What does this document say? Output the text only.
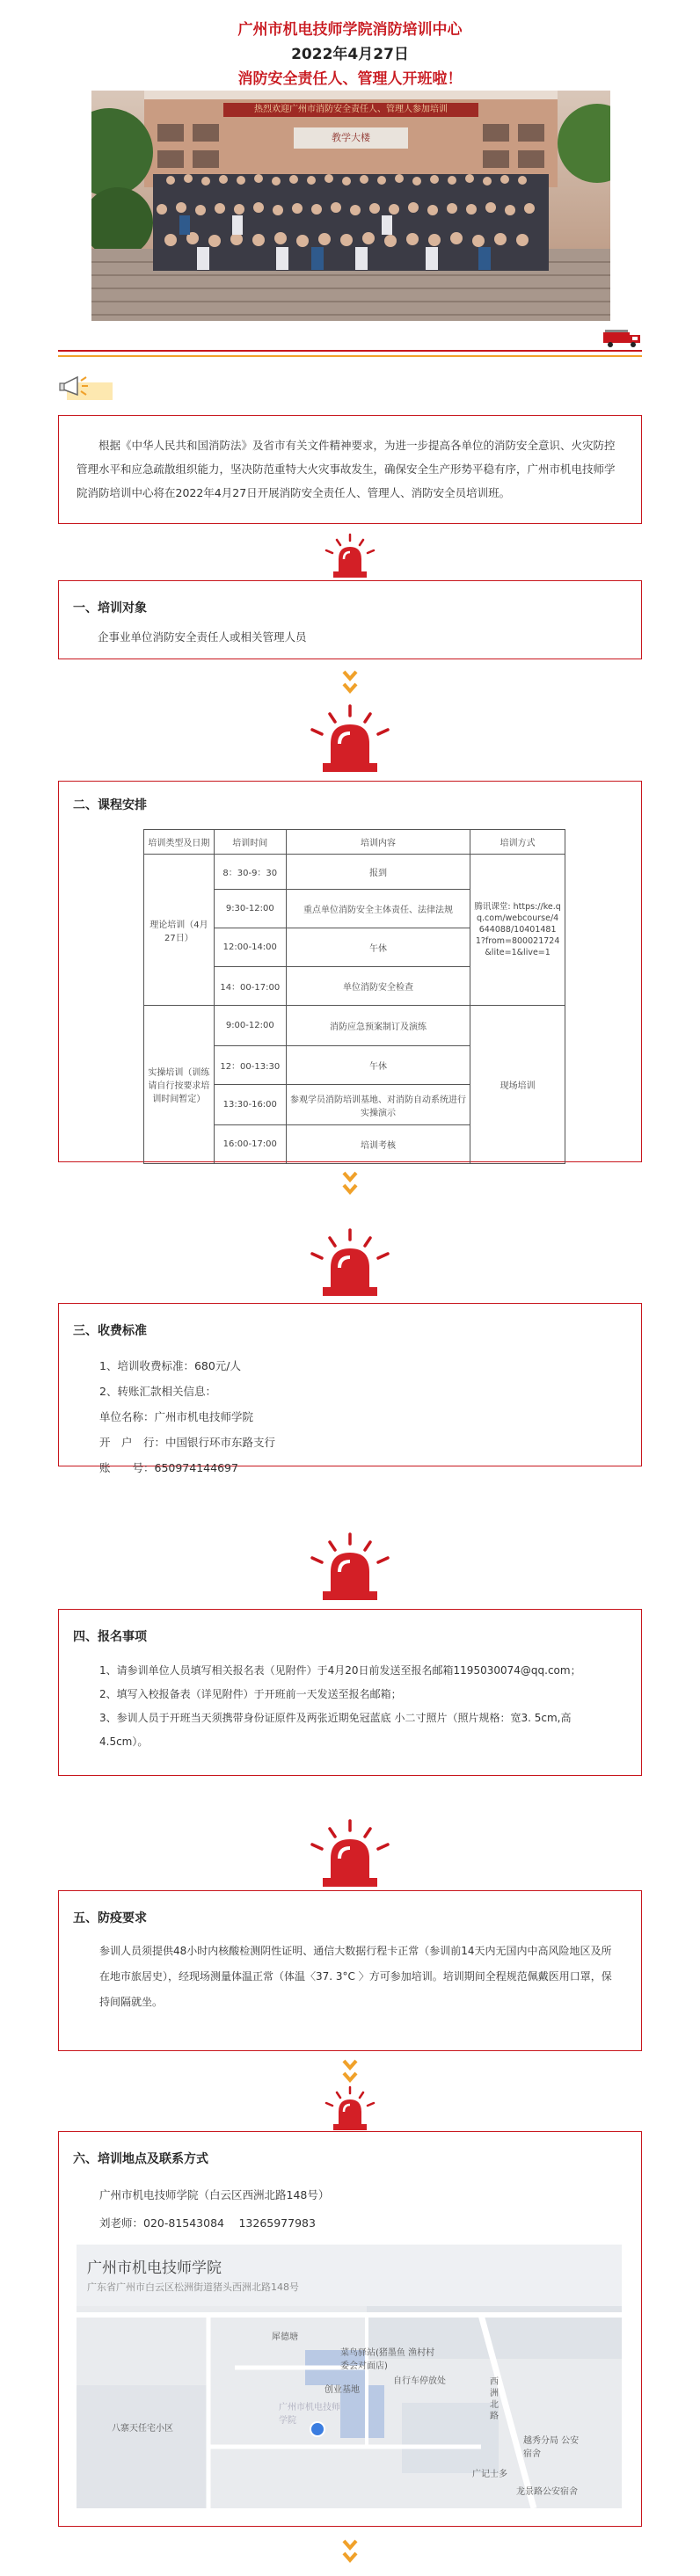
广州市机电技师学院消防培训中心
2022年4月27日
消防安全责任人、管理人开班啦！

根据《中华人民共和国消防法》及省市有关文件精神要求，为进一步提高各单位的消防安全意识、火灾防控管理水平和应急疏散组织能力，坚决防范重特大火灾事故发生，确保安全生产形势平稳有序，广州市机电技师学院消防培训中心将在2022年4月27日开展消防安全责任人、管理人、消防安全员培训班。

一、培训对象
企事业单位消防安全责任人或相关管理人员
二、课程安排
培训类型及日期	培训时间	培训内容	培训方式
理论培训（4月27日）	8：30-9：30	报到	腾讯课堂: https://ke.qq.com/webcourse/4644088/104014811?from=800021724&lite=1&live=1
	9:30-12:00	重点单位消防安全主体责任、法律法规	
	12:00-14:00	午休	
	14：00-17:00	单位消防安全检查	
实操培训（训练请自行按要求培训时间暂定）	9:00-12:00	消防应急预案制订及演练	现场培训
	12：00-13:30	午休	
	13:30-16:00	参观学员消防培训基地、对消防自动系统进行实操演示	
	16:00-17:00	培训考核	
三、收费标准
1、培训收费标准：680元/人
2、转账汇款相关信息：
单位名称：广州市机电技师学院
开　户　行：中国银行环市东路支行
账　　号：650974144697
四、报名事项
1、请参训单位人员填写相关报名表（见附件）于4月20日前发送至报名邮箱1195030074@qq.com；
2、填写入校报备表（详见附件）于开班前一天发送至报名邮箱；
3、参训人员于开班当天须携带身份证原件及两张近期免冠蓝底 小二寸照片（照片规格：宽3. 5cm,高4.5cm）。
五、防疫要求
参训人员须提供48小时内核酸检测阴性证明、通信大数据行程卡正常（参训前14天内无国内中高风险地区及所在地市旅居史），经现场测量体温正常（体温〈37. 3°C 〉方可参加培训。培训期间全程规范佩戴医用口罩，保持间隔就坐。
六、培训地点及联系方式
广州市机电技师学院（白云区西洲北路148号）
刘老师：020-81543084　 13265977983
广州市机电技师学院
广东省广州市白云区松洲街道猪头西洲北路148号
犀德塘
菜鸟驿站(猪墨鱼 渔村村委会对面店)
创业基地
自行车停放处
八寨天任宅小区
广州市机电技师学院
西洲北路
越秀分局 公安宿舍
广记士多
龙景路公安宿舍
热烈欢迎广州市消防安全责任人、管理人参加培训
教学大楼
